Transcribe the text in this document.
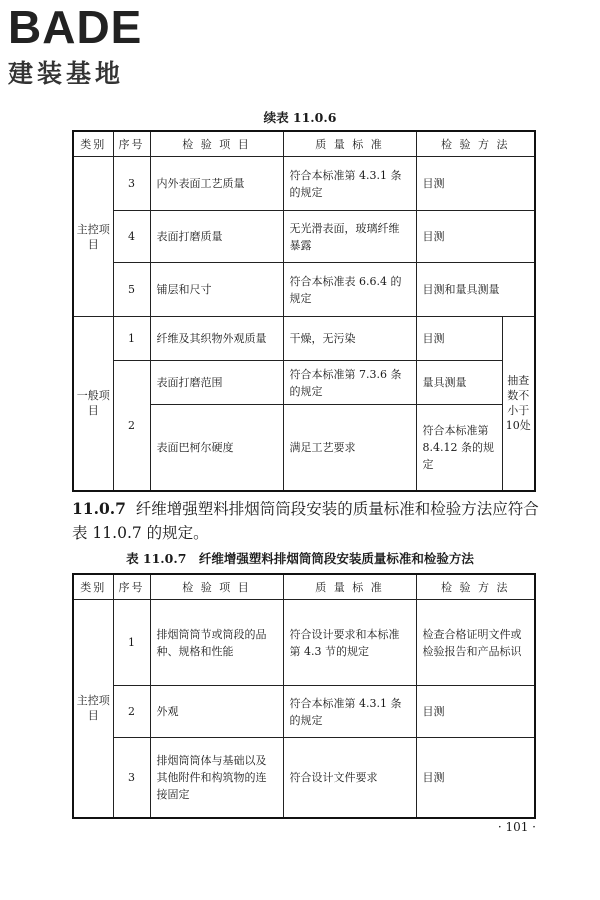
BADE
建装基地
续表 11.0.6
类别	序号	检 验 项 目	质 量 标 准	检 验 方 法	
主控项目	3	内外表面工艺质量	符合本标准第 4.3.1 条的规定	目测	
	4	表面打磨质量	无光滑表面，玻璃纤维暴露	目测	
	5	铺层和尺寸	符合本标准表 6.6.4 的规定	目测和量具测量	
一般项目	1	纤维及其织物外观质量	干燥，无污染	目测	抽查数不小于10处
	2	表面打磨范围	符合本标准第 7.3.6 条的规定	量具测量	
		表面巴柯尔硬度	满足工艺要求	符合本标准第 8.4.12 条的规定	
11.0.7 纤维增强塑料排烟筒筒段安装的质量标准和检验方法应符合表 11.0.7 的规定。
表 11.0.7　纤维增强塑料排烟筒筒段安装质量标准和检验方法
类别	序号	检 验 项 目	质 量 标 准	检 验 方 法
主控项目	1	排烟筒筒节或筒段的品种、规格和性能	符合设计要求和本标准第 4.3 节的规定	检查合格证明文件或检验报告和产品标识
	2	外观	符合本标准第 4.3.1 条的规定	目测
	3	排烟筒筒体与基础以及其他附件和构筑物的连接固定	符合设计文件要求	目测
· 101 ·
